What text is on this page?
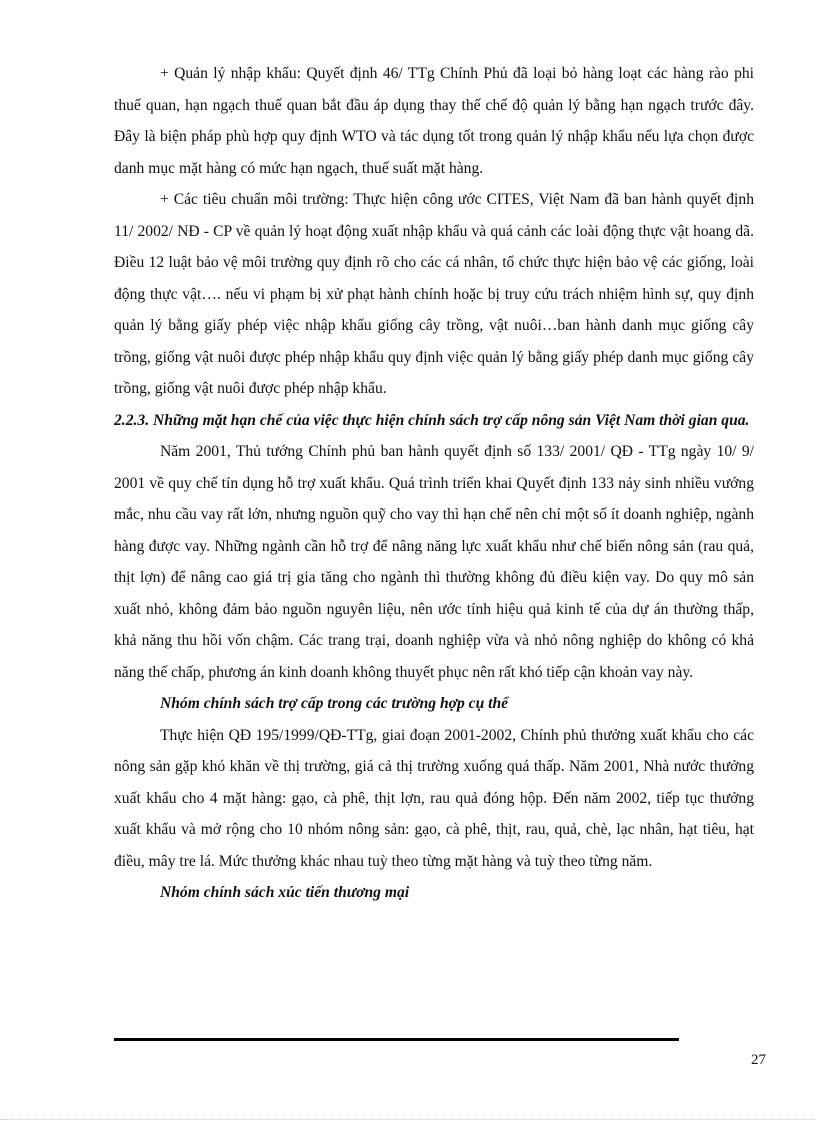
+ Quản lý nhập khẩu: Quyết định 46/ TTg Chính Phủ đã loại bỏ hàng loạt các hàng rào phi thuế quan, hạn ngạch thuế quan bắt đầu áp dụng thay thế chế độ quản lý bằng hạn ngạch trước đây. Đây là biện pháp phù hợp quy định WTO và tác dụng tốt trong quản lý nhập khẩu nếu lựa chọn được danh mục mặt hàng có mức hạn ngạch, thuế suất mặt hàng.

+ Các tiêu chuẩn môi trường: Thực hiện công ước CITES, Việt Nam đã ban hành quyết định 11/ 2002/ NĐ - CP về quản lý hoạt động xuất nhập khẩu và quá cảnh các loài động thực vật hoang dã. Điều 12 luật bảo vệ môi trường quy định rõ cho các cá nhân, tổ chức thực hiện bảo vệ các giống, loài động thực vật…. nếu vi phạm bị xử phạt hành chính hoặc bị truy cứu trách nhiệm hình sự, quy định quản lý bằng giấy phép việc nhập khẩu giống cây trồng, vật nuôi…ban hành danh mục giống cây trồng, giống vật nuôi được phép nhập khẩu quy định việc quản lý bằng giấy phép danh mục giống cây trồng, giống vật nuôi được phép nhập khẩu.

2.2.3. Những mặt hạn chế của việc thực hiện chính sách trợ cấp nông sản Việt Nam thời gian qua.

Năm 2001, Thủ tướng Chính phủ ban hành quyết định số 133/ 2001/ QĐ - TTg ngày 10/ 9/ 2001 về quy chế tín dụng hỗ trợ xuất khẩu. Quá trình triển khai Quyết định 133 nảy sinh nhiều vướng mắc, nhu cầu vay rất lớn, nhưng nguồn quỹ cho vay thì hạn chế nên chỉ một số ít doanh nghiệp, ngành hàng được vay. Những ngành cần hỗ trợ để nâng năng lực xuất khẩu như chế biến nông sản (rau quả, thịt lợn) để nâng cao giá trị gia tăng cho ngành thì thường không đủ điều kiện vay. Do quy mô sản xuất nhỏ, không đảm bảo nguồn nguyên liệu, nên ước tính hiệu quả kinh tế của dự án thường thấp, khả năng thu hồi vốn chậm. Các trang trại, doanh nghiệp vừa và nhỏ nông nghiệp do không có khả năng thế chấp, phương án kinh doanh không thuyết phục nên rất khó tiếp cận khoản vay này.

Nhóm chính sách trợ cấp trong các trường hợp cụ thể

Thực hiện QĐ 195/1999/QĐ-TTg, giai đoạn 2001-2002, Chính phủ thưởng xuất khẩu cho các nông sản gặp khó khăn về thị trường, giá cả thị trường xuống quá thấp. Năm 2001, Nhà nước thưởng xuất khẩu cho 4 mặt hàng: gạo, cà phê, thịt lợn, rau quả đóng hộp. Đến năm 2002, tiếp tục thưởng xuất khẩu và mở rộng cho 10 nhóm nông sản: gạo, cà phê, thịt, rau, quả, chè, lạc nhân, hạt tiêu, hạt điều, mây tre lá. Mức thưởng khác nhau tuỳ theo từng mặt hàng và tuỳ theo từng năm.

Nhóm chính sách xúc tiến thương mại

27
